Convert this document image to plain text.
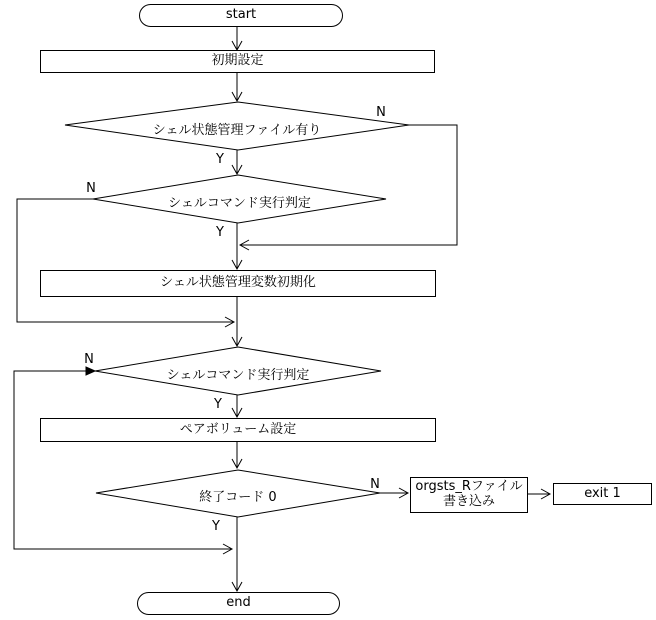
start
end
初期設定
シェル状態管理変数初期化
ペアボリューム設定
orgsts_Rファイル
書き込み
exit 1
シェル状態管理ファイル有り
シェルコマンド実行判定
シェルコマンド実行判定
終了コード 0
N
Y
N
Y
N
Y
N
Y
